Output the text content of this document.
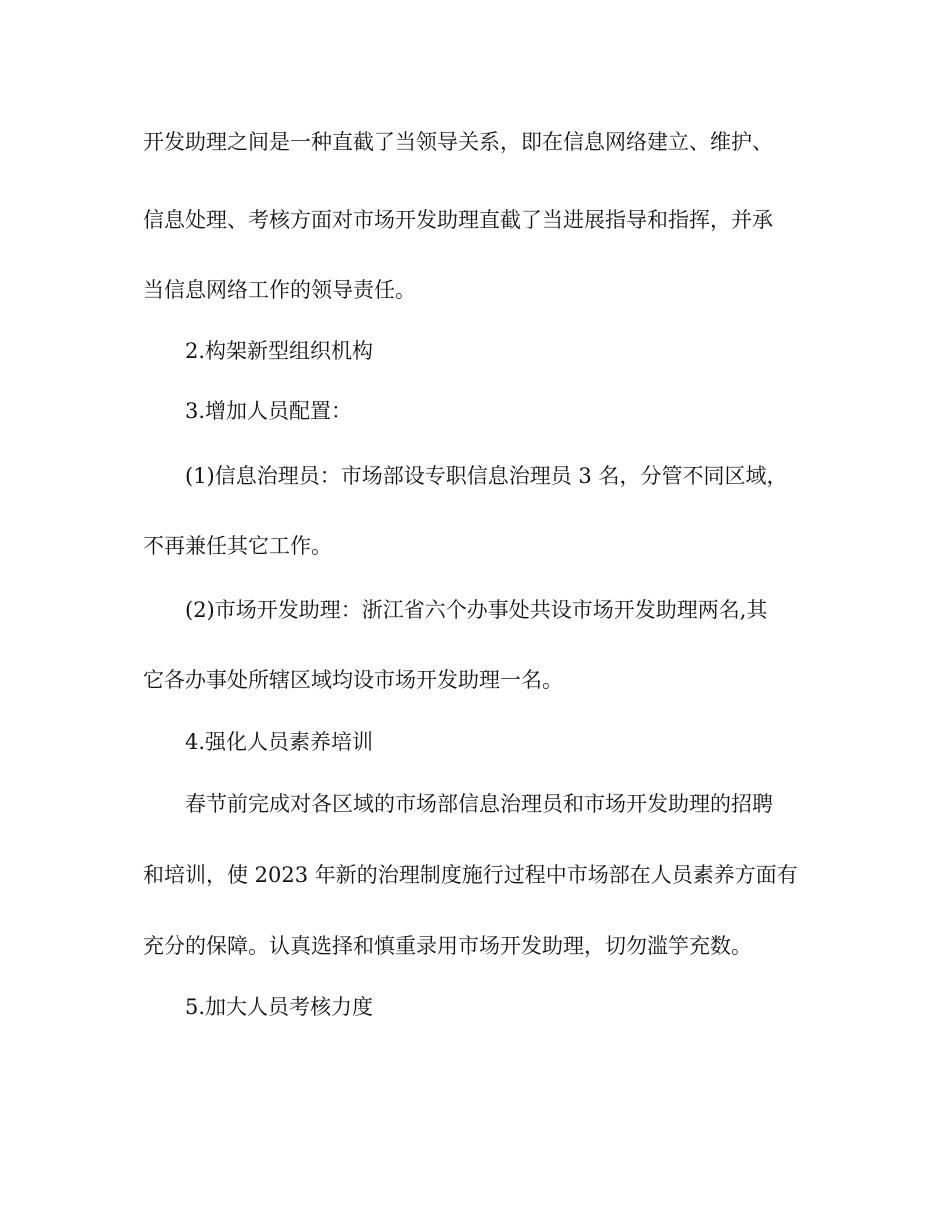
开发助理之间是一种直截了当领导关系，即在信息网络建立、维护、
信息处理、考核方面对市场开发助理直截了当进展指导和指挥，并承
当信息网络工作的领导责任。
2.构架新型组织机构
3.增加人员配置：
(1)信息治理员：市场部设专职信息治理员 3 名，分管不同区域，
不再兼任其它工作。
(2)市场开发助理：浙江省六个办事处共设市场开发助理两名,其
它各办事处所辖区域均设市场开发助理一名。
4.强化人员素养培训
春节前完成对各区域的市场部信息治理员和市场开发助理的招聘
和培训，使 2023 年新的治理制度施行过程中市场部在人员素养方面有
充分的保障。认真选择和慎重录用市场开发助理，切勿滥竽充数。
5.加大人员考核力度
